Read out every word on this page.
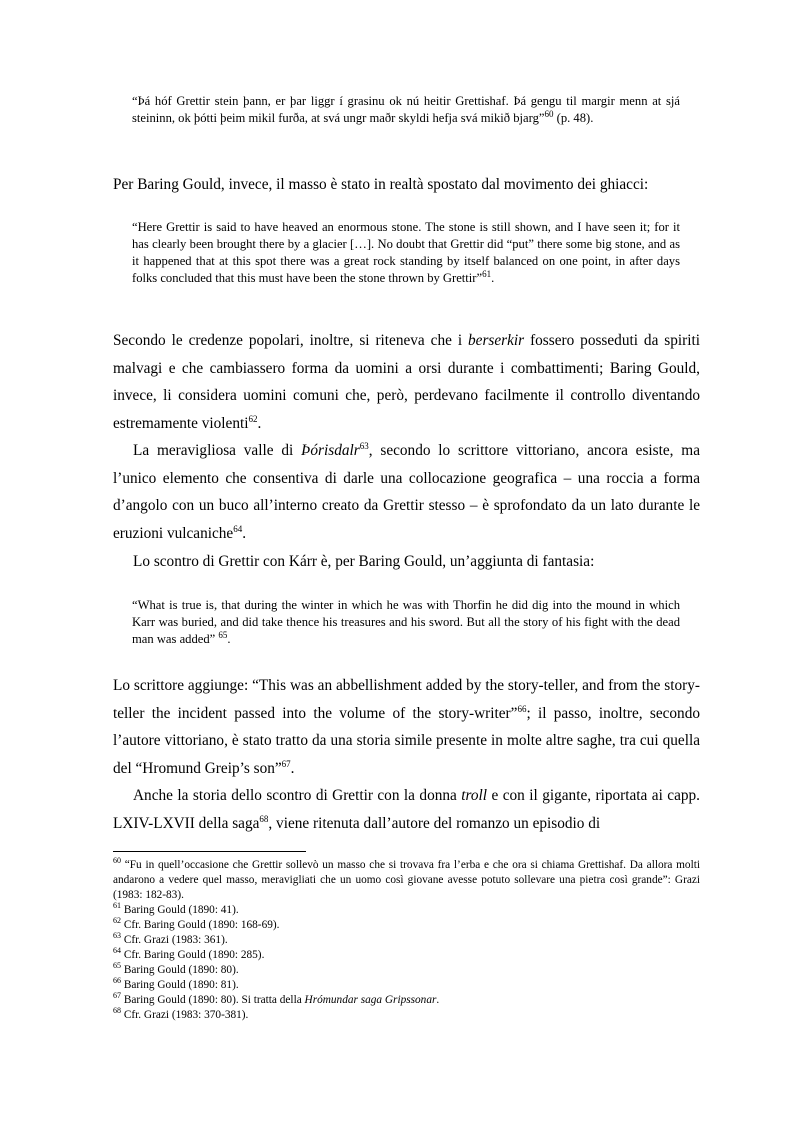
“Þá hóf Grettir stein þann, er þar liggr í grasinu ok nú heitir Grettishaf. Þá gengu til margir menn at sjá steininn, ok þótti þeim mikil furða, at svá ungr maðr skyldi hefja svá mikið bjarg”$^{60}$ (p. 48).
Per Baring Gould, invece, il masso è stato in realtà spostato dal movimento dei ghiacci:
“Here Grettir is said to have heaved an enormous stone. The stone is still shown, and I have seen it; for it has clearly been brought there by a glacier […]. No doubt that Grettir did “put” there some big stone, and as it happened that at this spot there was a great rock standing by itself balanced on one point, in after days folks concluded that this must have been the stone thrown by Grettir”$^{61}$.
Secondo le credenze popolari, inoltre, si riteneva che i berserkir fossero posseduti da spiriti malvagi e che cambiassero forma da uomini a orsi durante i combattimenti; Baring Gould, invece, li considera uomini comuni che, però, perdevano facilmente il controllo diventando estremamente violenti$^{62}$.
La meravigliosa valle di Þórisdalr$^{63}$, secondo lo scrittore vittoriano, ancora esiste, ma l’unico elemento che consentiva di darle una collocazione geografica – una roccia a forma d’angolo con un buco all’interno creato da Grettir stesso – è sprofondato da un lato durante le eruzioni vulcaniche$^{64}$.
Lo scontro di Grettir con Kárr è, per Baring Gould, un’aggiunta di fantasia:
“What is true is, that during the winter in which he was with Thorfin he did dig into the mound in which Karr was buried, and did take thence his treasures and his sword. But all the story of his fight with the dead man was added” $^{65}$.
Lo scrittore aggiunge: “This was an abbellishment added by the story-teller, and from the story-teller the incident passed into the volume of the story-writer”$^{66}$; il passo, inoltre, secondo l’autore vittoriano, è stato tratto da una storia simile presente in molte altre saghe, tra cui quella del “Hromund Greip’s son”$^{67}$.
Anche la storia dello scontro di Grettir con la donna troll e con il gigante, riportata ai capp. LXIV-LXVII della saga$^{68}$, viene ritenuta dall’autore del romanzo un episodio di
$^{60}$ “Fu in quell’occasione che Grettir sollevò un masso che si trovava fra l’erba e che ora si chiama Grettishaf. Da allora molti andarono a vedere quel masso, meravigliati che un uomo così giovane avesse potuto sollevare una pietra così grande”: Grazi (1983: 182-83).
$^{61}$ Baring Gould (1890: 41).
$^{62}$ Cfr. Baring Gould (1890: 168-69).
$^{63}$ Cfr. Grazi (1983: 361).
$^{64}$ Cfr. Baring Gould (1890: 285).
$^{65}$ Baring Gould (1890: 80).
$^{66}$ Baring Gould (1890: 81).
$^{67}$ Baring Gould (1890: 80). Si tratta della Hrómundar saga Gripssonar.
$^{68}$ Cfr. Grazi (1983: 370-381).
